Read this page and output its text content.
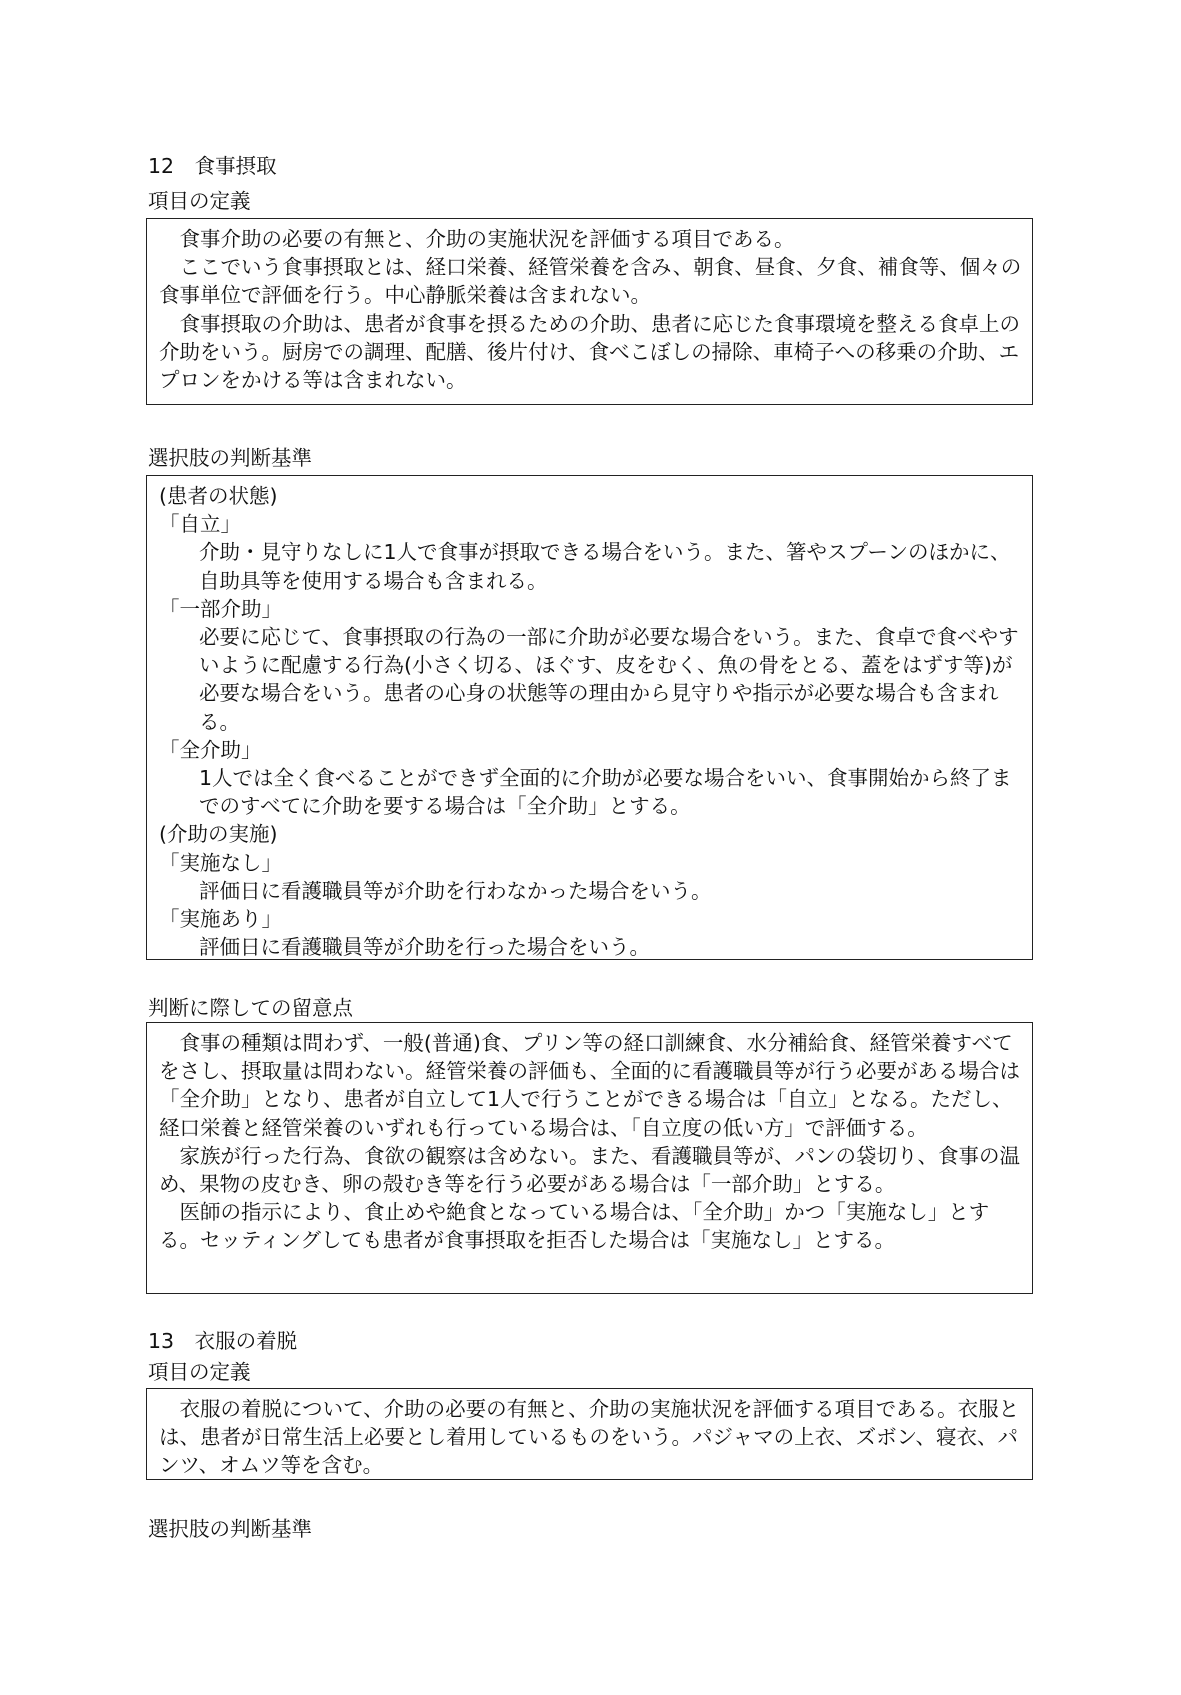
12　食事摂取
項目の定義

食事介助の必要の有無と、介助の実施状況を評価する項目である。

ここでいう食事摂取とは、経口栄養、経管栄養を含み、朝食、昼食、夕食、補食等、個々の食事単位で評価を行う。中心静脈栄養は含まれない。

食事摂取の介助は、患者が食事を摂るための介助、患者に応じた食事環境を整える食卓上の介助をいう。厨房での調理、配膳、後片付け、食べこぼしの掃除、車椅子への移乗の介助、エプロンをかける等は含まれない。

選択肢の判断基準

(患者の状態)

「自立」

介助・見守りなしに1人で食事が摂取できる場合をいう。また、箸やスプーンのほかに、自助具等を使用する場合も含まれる。

「一部介助」

必要に応じて、食事摂取の行為の一部に介助が必要な場合をいう。また、食卓で食べやすいように配慮する行為(小さく切る、ほぐす、皮をむく、魚の骨をとる、蓋をはずす等)が必要な場合をいう。患者の心身の状態等の理由から見守りや指示が必要な場合も含まれる。

「全介助」

1人では全く食べることができず全面的に介助が必要な場合をいい、食事開始から終了までのすべてに介助を要する場合は「全介助」とする。

(介助の実施)

「実施なし」

評価日に看護職員等が介助を行わなかった場合をいう。

「実施あり」

評価日に看護職員等が介助を行った場合をいう。

判断に際しての留意点

食事の種類は問わず、一般(普通)食、プリン等の経口訓練食、水分補給食、経管栄養すべてをさし、摂取量は問わない。経管栄養の評価も、全面的に看護職員等が行う必要がある場合は「全介助」となり、患者が自立して1人で行うことができる場合は「自立」となる。ただし、経口栄養と経管栄養のいずれも行っている場合は、「自立度の低い方」で評価する。

家族が行った行為、食欲の観察は含めない。また、看護職員等が、パンの袋切り、食事の温め、果物の皮むき、卵の殻むき等を行う必要がある場合は「一部介助」とする。

医師の指示により、食止めや絶食となっている場合は、「全介助」かつ「実施なし」とする。セッティングしても患者が食事摂取を拒否した場合は「実施なし」とする。

13　衣服の着脱
項目の定義

衣服の着脱について、介助の必要の有無と、介助の実施状況を評価する項目である。衣服とは、患者が日常生活上必要とし着用しているものをいう。パジャマの上衣、ズボン、寝衣、パンツ、オムツ等を含む。

選択肢の判断基準
